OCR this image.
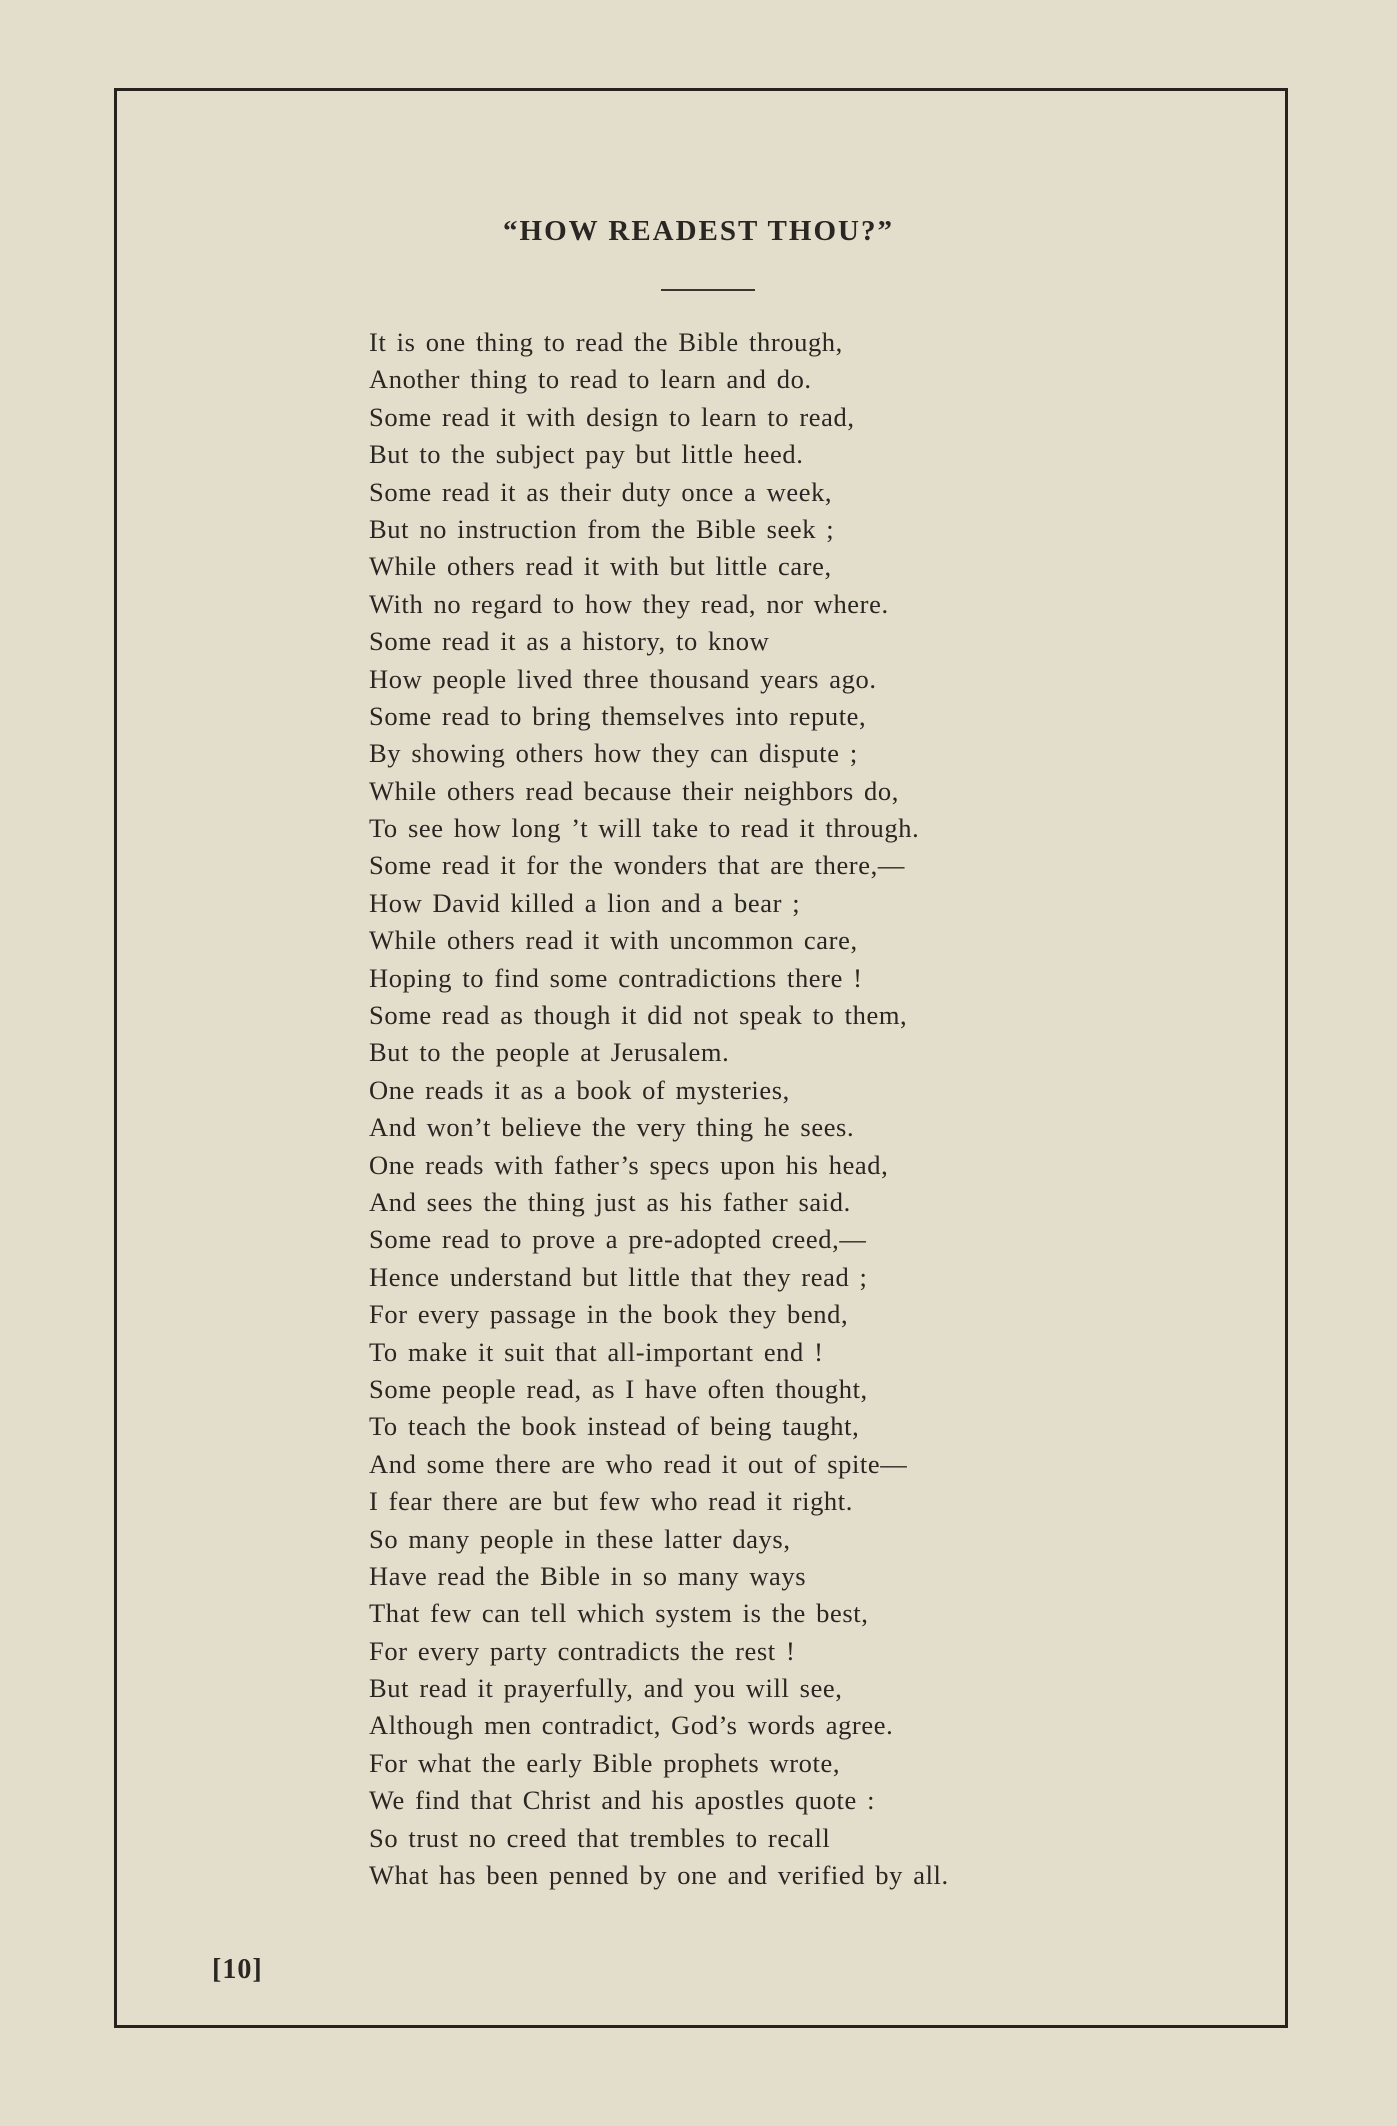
“HOW READEST THOU?”
It is one thing to read the Bible through,
Another thing to read to learn and do.
Some read it with design to learn to read,
But to the subject pay but little heed.
Some read it as their duty once a week,
But no instruction from the Bible seek ;
While others read it with but little care,
With no regard to how they read, nor where.
Some read it as a history, to know
How people lived three thousand years ago.
Some read to bring themselves into repute,
By showing others how they can dispute ;
While others read because their neighbors do,
To see how long ’t will take to read it through.
Some read it for the wonders that are there,—
How David killed a lion and a bear ;
While others read it with uncommon care,
Hoping to find some contradictions there !
Some read as though it did not speak to them,
But to the people at Jerusalem.
One reads it as a book of mysteries,
And won’t believe the very thing he sees.
One reads with father’s specs upon his head,
And sees the thing just as his father said.
Some read to prove a pre-adopted creed,—
Hence understand but little that they read ;
For every passage in the book they bend,
To make it suit that all-important end !
Some people read, as I have often thought,
To teach the book instead of being taught,
And some there are who read it out of spite—
I fear there are but few who read it right.
So many people in these latter days,
Have read the Bible in so many ways
That few can tell which system is the best,
For every party contradicts the rest !
But read it prayerfully, and you will see,
Although men contradict, God’s words agree.
For what the early Bible prophets wrote,
We find that Christ and his apostles quote :
So trust no creed that trembles to recall
What has been penned by one and verified by all.
[10]
